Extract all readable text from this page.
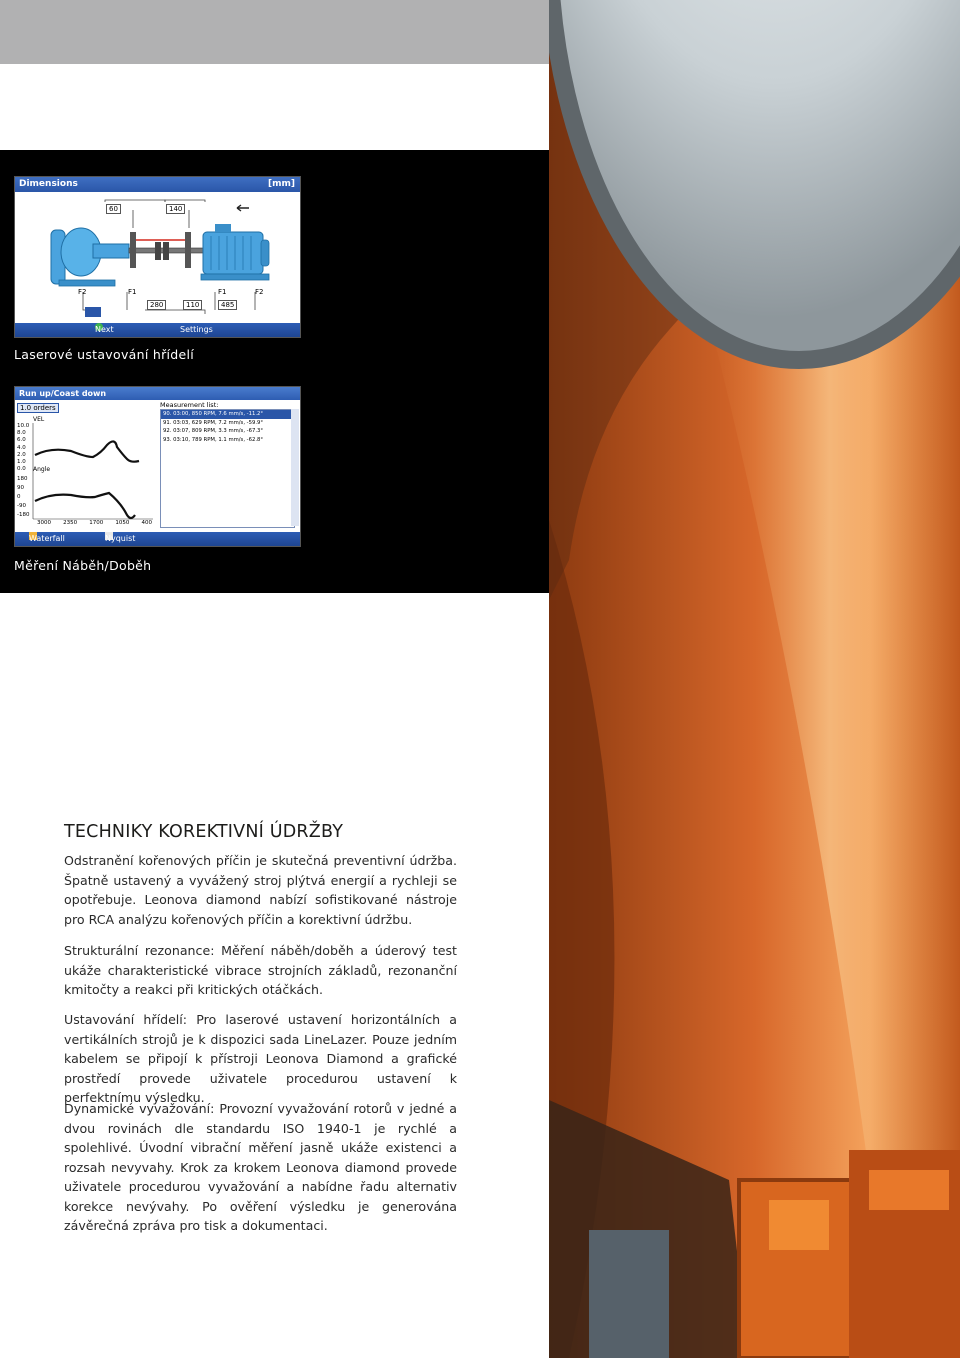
Dimensions	[mm]
60	140
672	280	110	485
F2	F1	F1	F2
Next	Settings
Laserové ustavování hřídelí
Run up/Coast down
1.0 orders
VEL
Angle
10.0
8.0
6.0
4.0
2.0
1.0
0.0
180
90
0
-90
-180
3000 2350 1700 1050 400
Measurement list:
90. 03:00, 850 RPM, 7.6 mm/s, -11.2°
91. 03:03, 629 RPM, 7.2 mm/s, -59.9°
92. 03:07, 809 RPM, 3.3 mm/s, -67.3°
93. 03:10, 789 RPM, 1.1 mm/s, -62.8°
Waterfall	Nyquist
Měření Náběh/Doběh
TECHNIKY KOREKTIVNÍ ÚDRŽBY

Odstranění kořenových příčin je skutečná preventivní údržba. Špatně ustavený a vyvážený stroj plýtvá energií a rychleji se opotřebuje. Leonova diamond nabízí sofistikované nástroje pro RCA analýzu kořenových příčin a korektivní údržbu.

Strukturální rezonance: Měření náběh/doběh a úderový test ukáže charakteristické vibrace strojních základů, rezonanční kmitočty a reakci při kritických otáčkách.

Ustavování hřídelí: Pro laserové ustavení horizontálních a vertikálních strojů je k dispozici sada LineLazer. Pouze jedním kabelem se připojí k přístroji Leonova Diamond a grafické prostředí provede uživatele procedurou ustavení k perfektnímu výsledku.

Dynamické vyvažování: Provozní vyvažování rotorů v jedné a dvou rovinách dle standardu ISO 1940-1 je rychlé a spolehlivé. Úvodní vibrační měření jasně ukáže existenci a rozsah nevyvahy. Krok za krokem Leonova diamond provede uživatele procedurou vyvažování a nabídne řadu alternativ korekce nevývahy. Po ověření výsledku je generována závěrečná zpráva pro tisk a dokumentaci.
